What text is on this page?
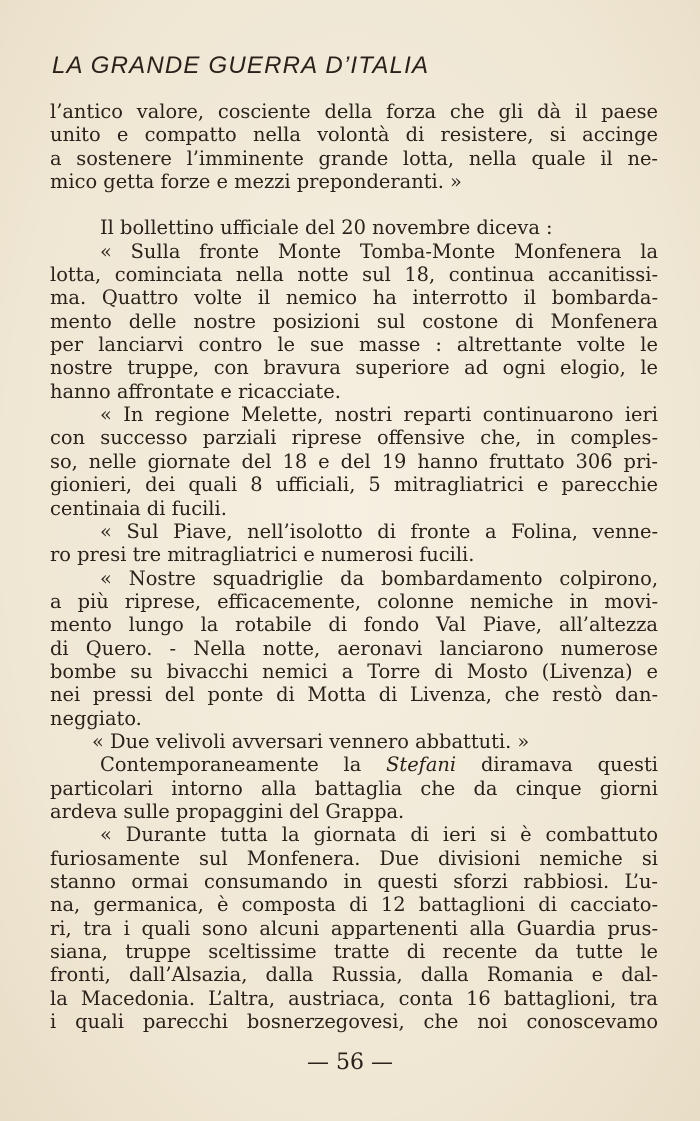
LA GRANDE GUERRA D’ITALIA
l’antico valore, cosciente della forza che gli dà il paese
unito e compatto nella volontà di resistere, si accinge
a sostenere l’imminente grande lotta, nella quale il ne-
mico getta forze e mezzi preponderanti. »
Il bollettino ufficiale del 20 novembre diceva :
« Sulla fronte Monte Tomba-Monte Monfenera la
lotta, cominciata nella notte sul 18, continua accanitissi-
ma. Quattro volte il nemico ha interrotto il bombarda-
mento delle nostre posizioni sul costone di Monfenera
per lanciarvi contro le sue masse : altrettante volte le
nostre truppe, con bravura superiore ad ogni elogio, le
hanno affrontate e ricacciate.
« In regione Melette, nostri reparti continuarono ieri
con successo parziali riprese offensive che, in comples-
so, nelle giornate del 18 e del 19 hanno fruttato 306 pri-
gionieri, dei quali 8 ufficiali, 5 mitragliatrici e parecchie
centinaia di fucili.
« Sul Piave, nell’isolotto di fronte a Folina, venne-
ro presi tre mitragliatrici e numerosi fucili.
« Nostre squadriglie da bombardamento colpirono,
a più riprese, efficacemente, colonne nemiche in movi-
mento lungo la rotabile di fondo Val Piave, all’altezza
di Quero. - Nella notte, aeronavi lanciarono numerose
bombe su bivacchi nemici a Torre di Mosto (Livenza) e
nei pressi del ponte di Motta di Livenza, che restò dan-
neggiato.
« Due velivoli avversari vennero abbattuti. »
Contemporaneamente la Stefani diramava questi
particolari intorno alla battaglia che da cinque giorni
ardeva sulle propaggini del Grappa.
« Durante tutta la giornata di ieri si è combattuto
furiosamente sul Monfenera. Due divisioni nemiche si
stanno ormai consumando in questi sforzi rabbiosi. L’u-
na, germanica, è composta di 12 battaglioni di cacciato-
ri, tra i quali sono alcuni appartenenti alla Guardia prus-
siana, truppe sceltissime tratte di recente da tutte le
fronti, dall’Alsazia, dalla Russia, dalla Romania e dal-
la Macedonia. L’altra, austriaca, conta 16 battaglioni, tra
i quali parecchi bosnerzegovesi, che noi conoscevamo
— 56 —
